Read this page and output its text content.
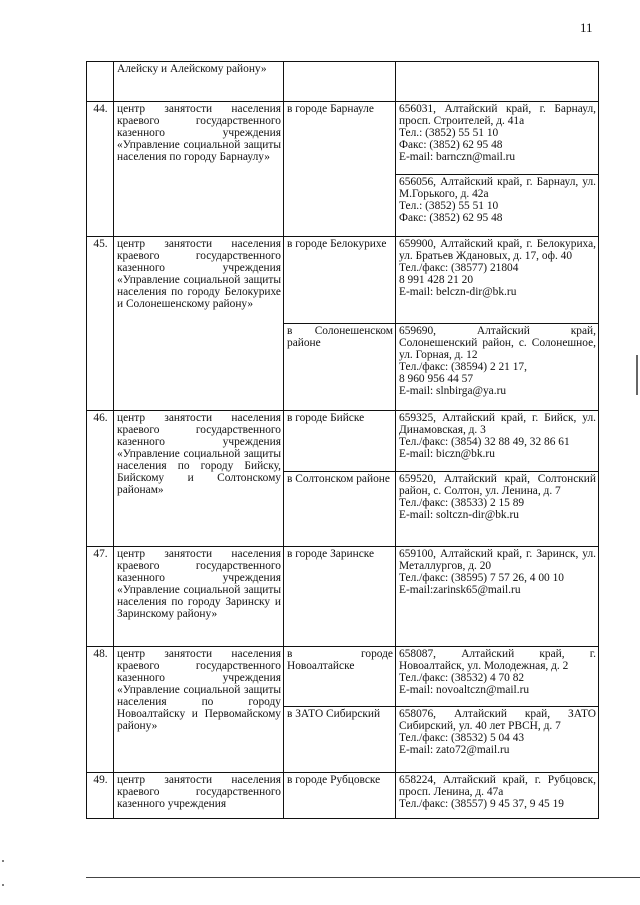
11
	Алейску и Алейскому району»		
44.	центр занятости населения краевого государственного казенного учреждения «Управление социальной защиты населения по городу Барнаулу»	в городе Барнауле	656031, Алтайский край, г. Барнаул, просп. Строителей, д. 41а
Тел.: (3852) 55 51 10
Факс: (3852) 62 95 48
E-mail: barnczn@mail.ru
			656056, Алтайский край, г. Барнаул, ул. М.Горького, д. 42а
Тел.: (3852) 55 51 10
Факс: (3852) 62 95 48
45.	центр занятости населения краевого государственного казенного учреждения «Управление социальной защиты населения по городу Белокурихе и Солонешенскому району»	в городе Белокурихе	659900, Алтайский край, г. Белокуриха, ул. Братьев Ждановых, д. 17, оф. 40
Тел./факс: (38577) 21804
8 991 428 21 20
E-mail: belczn-dir@bk.ru
		в Солонешенском районе	659690, Алтайский край, Солонешенский район, с. Солонешное, ул. Горная, д. 12
Тел./факс: (38594) 2 21 17,
8 960 956 44 57
E-mail: slnbirga@ya.ru
46.	центр занятости населения краевого государственного казенного учреждения «Управление социальной защиты населения по городу Бийску, Бийскому и Солтонскому районам»	в городе Бийске	659325, Алтайский край, г. Бийск, ул. Динамовская, д. 3
Тел./факс: (3854) 32 88 49, 32 86 61
E-mail: biczn@bk.ru
		в Солтонском районе	659520, Алтайский край, Солтонский район, с. Солтон, ул. Ленина, д. 7
Тел./факс: (38533) 2 15 89
E-mail: soltczn-dir@bk.ru
47.	центр занятости населения краевого государственного казенного учреждения «Управление социальной защиты населения по городу Заринску и Заринскому району»	в городе Заринске	659100, Алтайский край, г. Заринск, ул. Металлургов, д. 20
Тел./факс: (38595) 7 57 26, 4 00 10
E-mail:zarinsk65@mail.ru
48.	центр занятости населения краевого государственного казенного учреждения «Управление социальной защиты населения по городу Новоалтайску и Первомайскому району»	в городе Новоалтайске	658087, Алтайский край, г. Новоалтайск, ул. Молодежная, д. 2
Тел./факс: (38532) 4 70 82
E-mail: novoaltczn@mail.ru
		в ЗАТО Сибирский	658076, Алтайский край, ЗАТО Сибирский, ул. 40 лет РВСН, д. 7
Тел./факс: (38532) 5 04 43
E-mail: zato72@mail.ru
49.	центр занятости населения краевого государственного казенного учреждения	в городе Рубцовске	658224, Алтайский край, г. Рубцовск, просп. Ленина, д. 47а
Тел./факс: (38557) 9 45 37, 9 45 19
